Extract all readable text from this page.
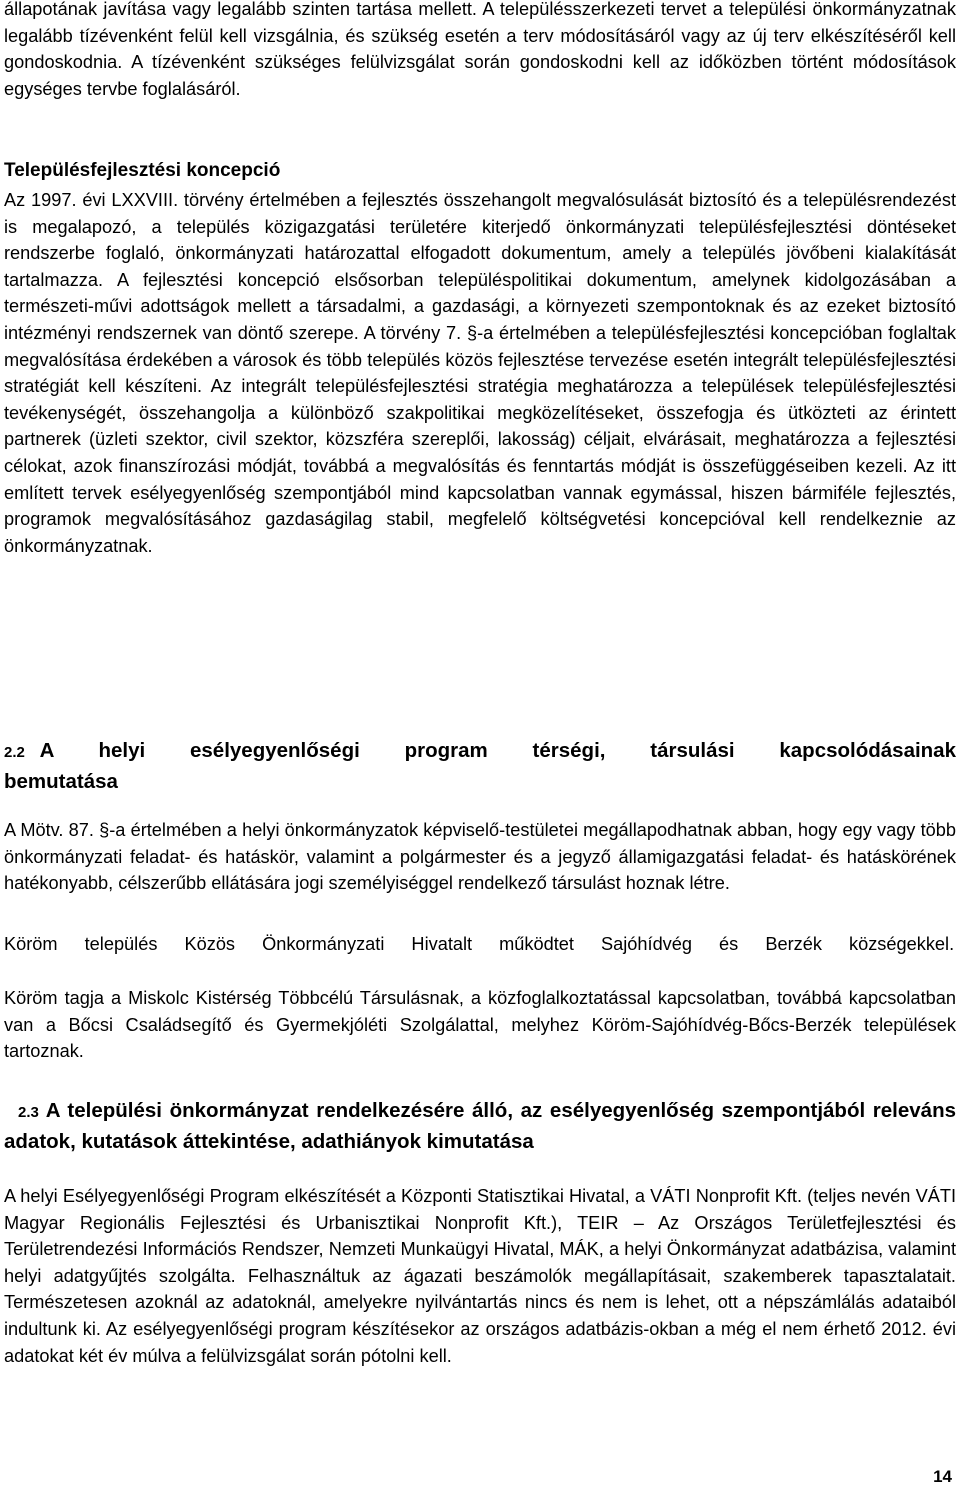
állapotának javítása vagy legalább szinten tartása mellett. A településszerkezeti tervet a települési önkormányzatnak legalább tízévenként felül kell vizsgálnia, és szükség esetén a terv módosításáról vagy az új terv elkészítéséről kell gondoskodnia. A tízévenként szükséges felülvizsgálat során gondoskodni kell az időközben történt módosítások egységes tervbe foglalásáról.

Településfejlesztési koncepció

Az 1997. évi LXXVIII. törvény értelmében a fejlesztés összehangolt megvalósulását biztosító és a településrendezést is megalapozó, a település közigazgatási területére kiterjedő önkormányzati településfejlesztési döntéseket rendszerbe foglaló, önkormányzati határozattal elfogadott dokumentum, amely a település jövőbeni kialakítását tartalmazza. A fejlesztési koncepció elsősorban településpolitikai dokumentum, amelynek kidolgozásában a természeti-művi adottságok mellett a társadalmi, a gazdasági, a környezeti szempontoknak és az ezeket biztosító intézményi rendszernek van döntő szerepe. A törvény 7. §-a értelmében a településfejlesztési koncepcióban foglaltak megvalósítása érdekében a városok és több település közös fejlesztése tervezése esetén integrált településfejlesztési stratégiát kell készíteni. Az integrált településfejlesztési stratégia meghatározza a települések településfejlesztési tevékenységét, összehangolja a különböző szakpolitikai megközelítéseket, összefogja és ütközteti az érintett partnerek (üzleti szektor, civil szektor, közszféra szereplői, lakosság) céljait, elvárásait, meghatározza a fejlesztési célokat, azok finanszírozási módját, továbbá a megvalósítás és fenntartás módját is összefüggéseiben kezeli. Az itt említett tervek esélyegyenlőség szempontjából mind kapcsolatban vannak egymással, hiszen bármiféle fejlesztés, programok megvalósításához gazdaságilag stabil, megfelelő költségvetési koncepcióval kell rendelkeznie az önkormányzatnak.

2.2 A helyi esélyegyenlőségi program térségi, társulási kapcsolódásainak bemutatása

A Mötv. 87. §-a értelmében a helyi önkormányzatok képviselő-testületei megállapodhatnak abban, hogy egy vagy több önkormányzati feladat- és hatáskör, valamint a polgármester és a jegyző államigazgatási feladat- és hatáskörének hatékonyabb, célszerűbb ellátására jogi személyiséggel rendelkező társulást hoznak létre.

Köröm település Közös Önkormányzati Hivatalt működtet Sajóhídvég és Berzék községekkel.

Köröm tagja a Miskolc Kistérség Többcélú Társulásnak, a közfoglalkoztatással kapcsolatban, továbbá kapcsolatban van a Bőcsi Családsegítő és Gyermekjóléti Szolgálattal, melyhez Köröm-Sajóhídvég-Bőcs-Berzék települések tartoznak.

2.3 A települési önkormányzat rendelkezésére álló, az esélyegyenlőség szempontjából releváns adatok, kutatások áttekintése, adathiányok kimutatása

A helyi Esélyegyenlőségi Program elkészítését a Központi Statisztikai Hivatal, a VÁTI Nonprofit Kft. (teljes nevén VÁTI Magyar Regionális Fejlesztési és Urbanisztikai Nonprofit Kft.), TEIR – Az Országos Területfejlesztési és Területrendezési Információs Rendszer, Nemzeti Munkaügyi Hivatal, MÁK, a helyi Önkormányzat adatbázisa, valamint helyi adatgyűjtés szolgálta. Felhasználtuk az ágazati beszámolók megállapításait, szakemberek tapasztalatait. Természetesen azoknál az adatoknál, amelyekre nyilvántartás nincs és nem is lehet, ott a népszámlálás adataiból indultunk ki. Az esélyegyenlőségi program készítésekor az országos adatbázis-okban a még el nem érhető 2012. évi adatokat két év múlva a felülvizsgálat során pótolni kell.

14
